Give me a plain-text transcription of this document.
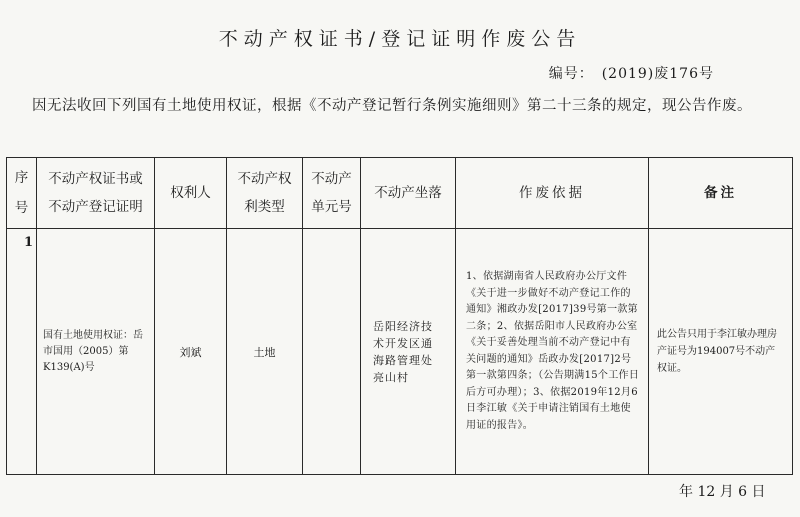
不动产权证书/登记证明作废公告
编号：　(2019)废176号
因无法收回下列国有土地使用权证，根据《不动产登记暂行条例实施细则》第二十三条的规定，现公告作废。
序号	不动产权证书或不动产登记证明	权利人	不动产权利类型	不动产单元号	不动产坐落	作废依据	备注
1	国有土地使用权证：岳市国用（2005）第K139(A)号	刘斌	土地		岳阳经济技术开发区通海路管理处亮山村	1、依据湖南省人民政府办公厅文件《关于进一步做好不动产登记工作的通知》湘政办发[2017]39号第一款第二条；2、依据岳阳市人民政府办公室《关于妥善处理当前不动产登记中有关问题的通知》岳政办发[2017]2号第一款第四条；（公告期满15个工作日后方可办理）；3、依据2019年12月6日李江敏《关于申请注销国有土地使用证的报告》。	此公告只用于李江敏办理房产证号为194007号不动产权证。
年 12 月 6 日
